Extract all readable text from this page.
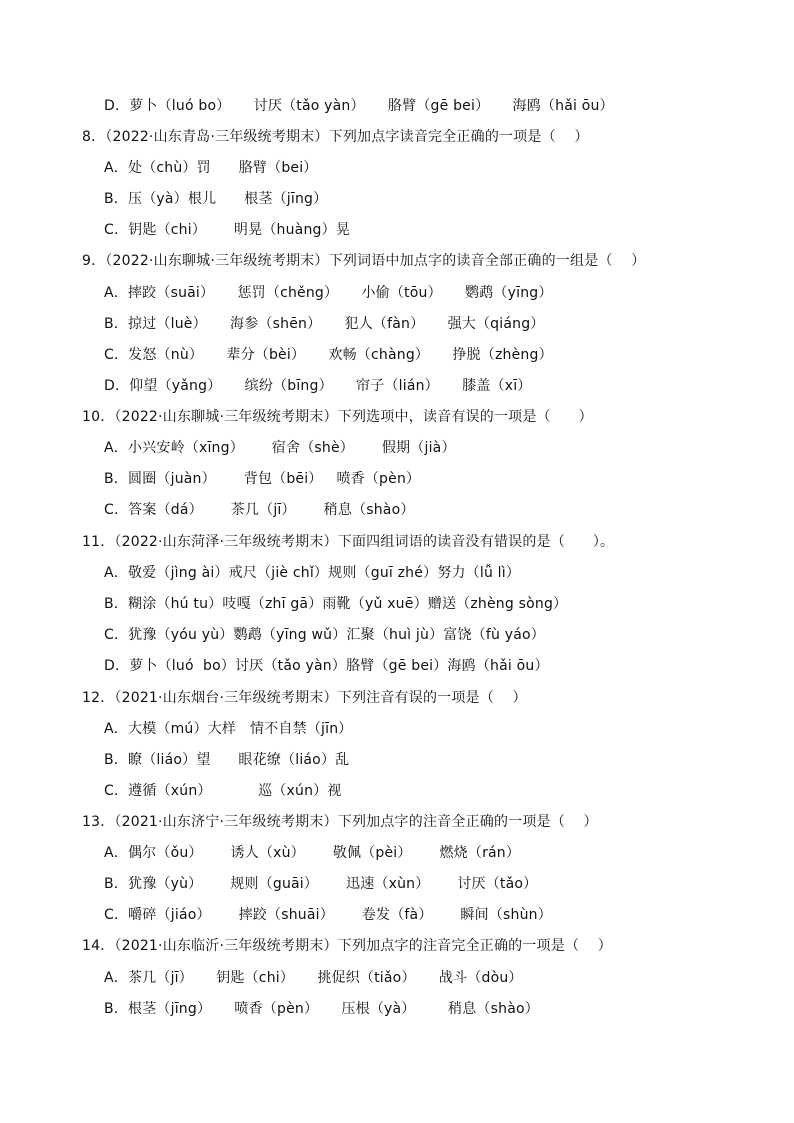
D．萝卜（luó bo）     讨厌（tǎo yàn）     胳臂（gē bei）     海鸥（hǎi ōu）
8．（2022·山东青岛·三年级统考期末）下列加点字读音完全正确的一项是（    ）
A．处（chù）罚      胳臂（bei）
B．压（yà）根儿      根茎（jīng）
C．钥匙（chi）      明晃（huàng）晃
9．（2022·山东聊城·三年级统考期末）下列词语中加点字的读音全部正确的一组是（    ）
A．摔跤（suāi）     惩罚（chěng）     小偷（tōu）     鹦鹉（yīng）
B．掠过（luè）     海参（shēn）     犯人（fàn）     强大（qiáng）
C．发怒（nù）     辈分（bèi）     欢畅（chàng）     挣脱（zhèng）
D．仰望（yǎng）     缤纷（bīng）     帘子（lián）     膝盖（xī）
10．（2022·山东聊城·三年级统考期末）下列选项中，读音有误的一项是（      ）
A．小兴安岭（xīng）      宿舍（shè）      假期（jià）
B．圆圈（juàn）      背包（bēi）   喷香（pèn）
C．答案（dá）      茶几（jī）      稍息（shào）
11．（2022·山东菏泽·三年级统考期末）下面四组词语的读音没有错误的是（      ）。
A．敬爱（jìng ài）戒尺（jiè chǐ）规则（guī zhé）努力（lǚ lì）
B．糊涂（hú tu）吱嘎（zhī gā）雨靴（yǔ xuē）赠送（zhèng sòng）
C．犹豫（yóu yù）鹦鹉（yīng wǔ）汇聚（huì jù）富饶（fù yáo）
D．萝卜（luó  bo）讨厌（tǎo yàn）胳臂（gē bei）海鸥（hǎi ōu）
12．（2021·山东烟台·三年级统考期末）下列注音有误的一项是（    ）
A．大模（mú）大样   情不自禁（jīn）
B．瞭（liáo）望      眼花缭（liáo）乱
C．遵循（xún）          巡（xún）视
13．（2021·山东济宁·三年级统考期末）下列加点字的注音全正确的一项是（    ）
A．偶尔（ǒu）      诱人（xù）      敬佩（pèi）      燃烧（rán）
B．犹豫（yù）      规则（guāi）      迅速（xùn）      讨厌（tǎo）
C．嚼碎（jiáo）      摔跤（shuāi）      卷发（fà）      瞬间（shùn）
14．（2021·山东临沂·三年级统考期末）下列加点字的注音完全正确的一项是（    ）
A．茶几（jī）     钥匙（chi）     挑促织（tiǎo）     战斗（dòu）
B．根茎（jīng）     喷香（pèn）     压根（yà）       稍息（shào）
